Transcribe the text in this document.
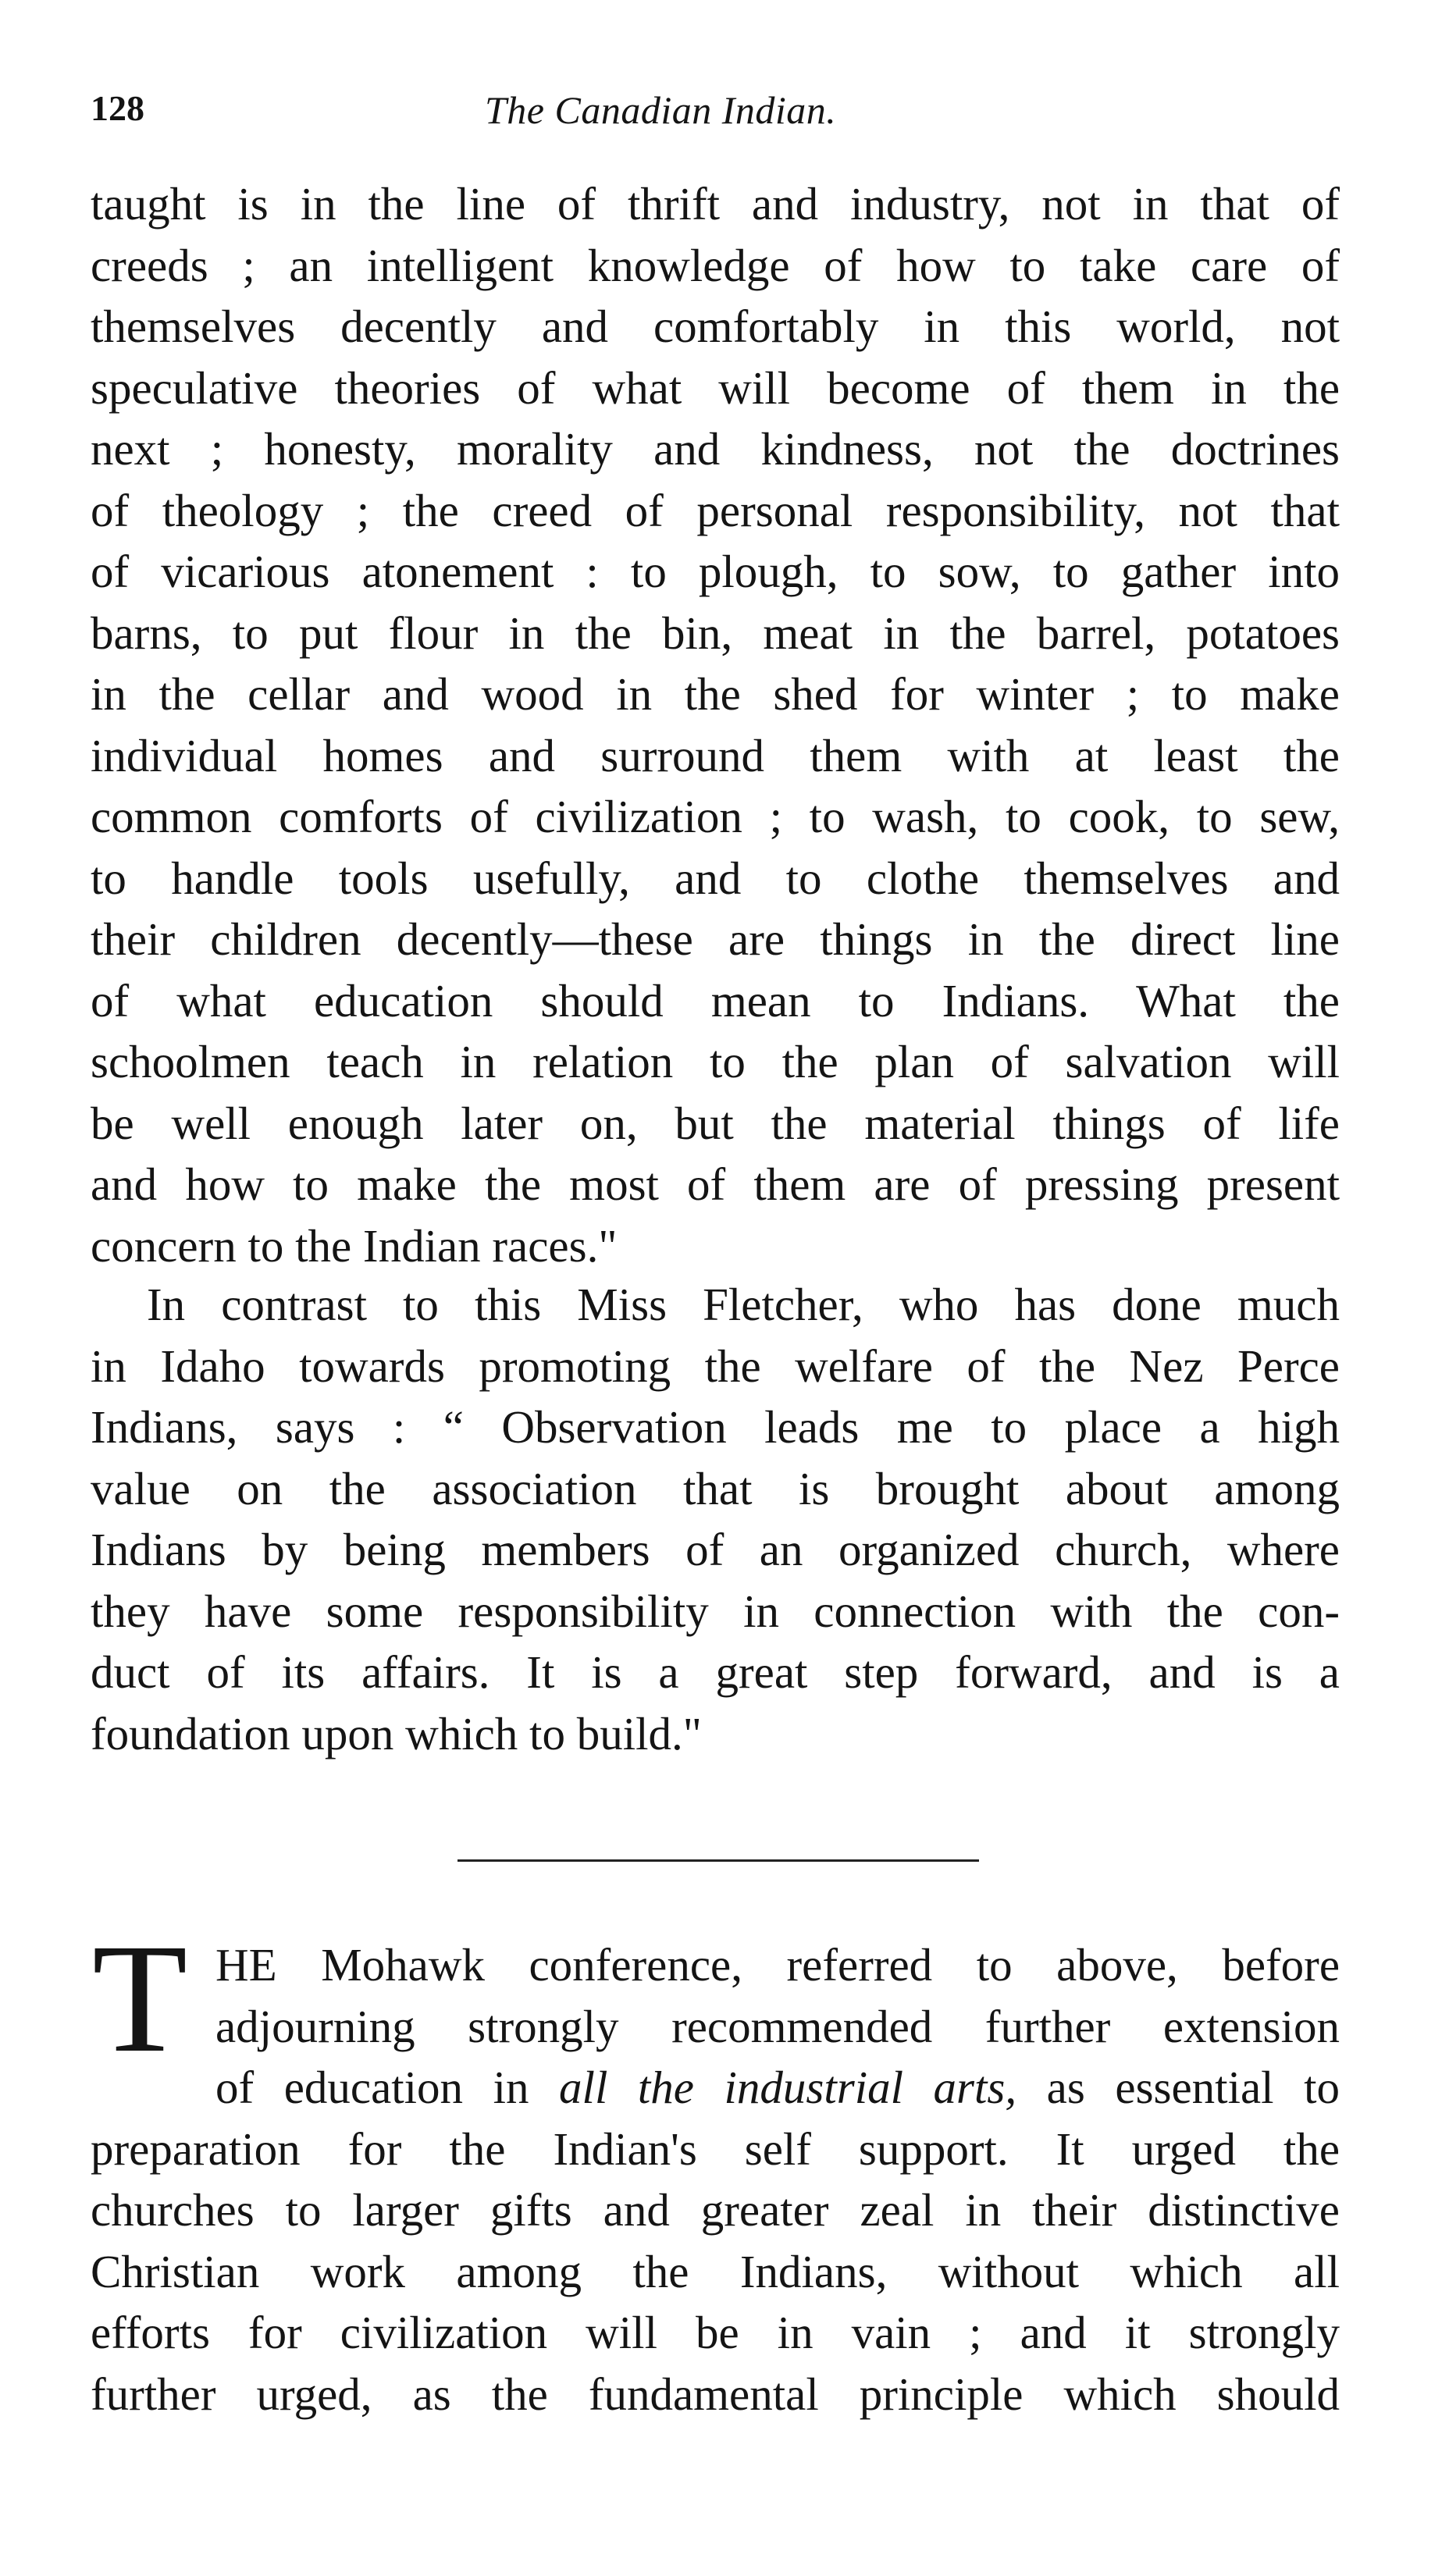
128	The Canadian Indian.
taught is in the line of thrift and industry, not in that of
creeds ; an intelligent knowledge of how to take care of
themselves decently and comfortably in this world, not
speculative theories of what will become of them in the
next ; honesty, morality and kindness, not the doctrines
of theology ; the creed of personal responsibility, not that
of vicarious atonement : to plough, to sow, to gather into
barns, to put flour in the bin, meat in the barrel, potatoes
in the cellar and wood in the shed for winter ; to make
individual homes and surround them with at least the
common comforts of civilization ; to wash, to cook, to sew,
to handle tools usefully, and to clothe themselves and
their children decently—these are things in the direct line
of what education should mean to Indians. What the
schoolmen teach in relation to the plan of salvation will
be well enough later on, but the material things of life
and how to make the most of them are of pressing present
concern to the Indian races."
In contrast to this Miss Fletcher, who has done much
in Idaho towards promoting the welfare of the Nez Perce
Indians, says : “ Observation leads me to place a high
value on the association that is brought about among
Indians by being members of an organized church, where
they have some responsibility in connection with the con-
duct of its affairs. It is a great step forward, and is a
foundation upon which to build."
T HE Mohawk conference, referred to above, before
adjourning strongly recommended further extension
of education in all the industrial arts, as essential to
preparation for the Indian's self support. It urged the
churches to larger gifts and greater zeal in their distinctive
Christian work among the Indians, without which all
efforts for civilization will be in vain ; and it strongly
further urged, as the fundamental principle which should
